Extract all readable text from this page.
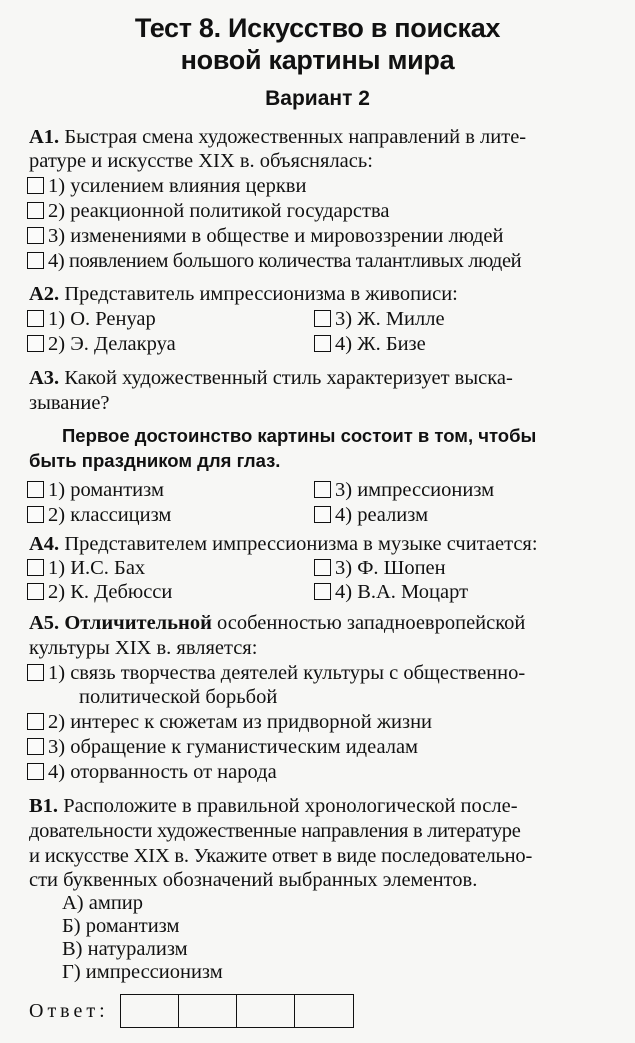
Тест 8. Искусство в поисках
новой картины мира
Вариант 2
А1. Быстрая смена художественных направлений в лите-
ратуре и искусстве XIX в. объяснялась:
1) усилением влияния церкви
2) реакционной политикой государства
3) изменениями в обществе и мировоззрении людей
4) появлением большого количества талантливых людей
А2. Представитель импрессионизма в живописи:
1) О. Ренуар
2) Э. Делакруа
3) Ж. Милле
4) Ж. Бизе
А3. Какой художественный стиль характеризует выска-
зывание?
Первое достоинство картины состоит в том, чтобы
быть праздником для глаз.
1) романтизм
2) классицизм
3) импрессионизм
4) реализм
А4. Представителем импрессионизма в музыке считается:
1) И.С. Бах
2) К. Дебюсси
3) Ф. Шопен
4) В.А. Моцарт
А5. Отличительной особенностью западноевропейской
культуры XIX в. является:
1) связь творчества деятелей культуры с общественно-
политической борьбой
2) интерес к сюжетам из придворной жизни
3) обращение к гуманистическим идеалам
4) оторванность от народа
В1. Расположите в правильной хронологической после-
довательности художественные направления в литературе
и искусстве XIX в. Укажите ответ в виде последовательно-
сти буквенных обозначений выбранных элементов.
А) ампир
Б) романтизм
В) натурализм
Г) импрессионизм
Ответ:
